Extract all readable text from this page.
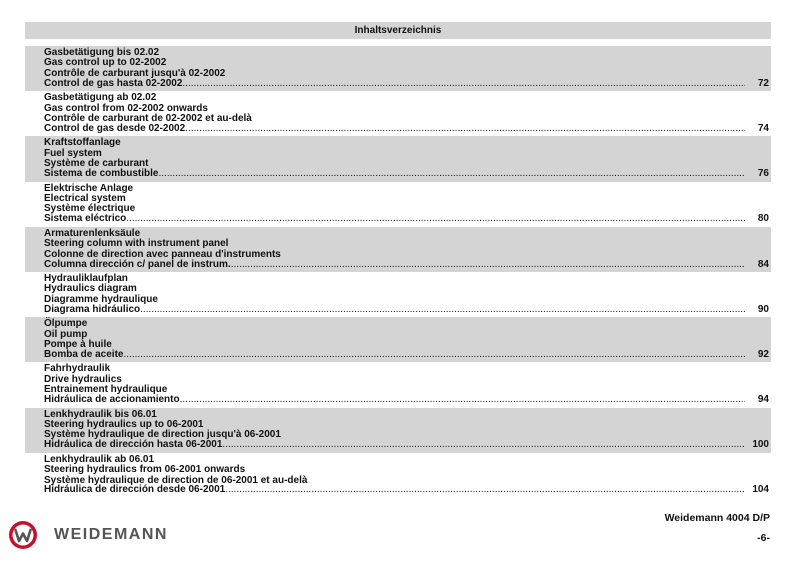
Inhaltsverzeichnis
Gasbetätigung bis 02.02
Gas control up to 02-2002
Contrôle de carburant jusqu'à 02-2002
Control de gas hasta 02-2002 .....	72
Gasbetätigung ab 02.02
Gas control from 02-2002 onwards
Contrôle de carburant de 02-2002 et au-delà
Control de gas desde 02-2002 .....	74
Kraftstoffanlage
Fuel system
Système de carburant
Sistema de combustible .....	76
Elektrische Anlage
Electrical system
Système électrique
Sistema eléctrico .....	80
Armaturenlenksäule
Steering column with instrument panel
Colonne de direction avec panneau d'instruments
Columna dirección c/ panel de instrum. .....	84
Hydrauliklaufplan
Hydraulics diagram
Diagramme hydraulique
Diagrama hidráulico .....	90
Ölpumpe
Oil pump
Pompe à huile
Bomba de aceite .....	92
Fahrhydraulik
Drive hydraulics
Entrainement hydraulique
Hidráulica de accionamiento .....	94
Lenkhydraulik bis 06.01
Steering hydraulics up to 06-2001
Système hydraulique de direction jusqu'à 06-2001
Hidráulica de dirección hasta 06-2001 .....	100
Lenkhydraulik ab 06.01
Steering hydraulics from 06-2001 onwards
Système hydraulique de direction de 06-2001 et au-delà
Hidráulica de dirección desde 06-2001 .....	104
WEIDEMANN
Weidemann 4004 D/P
-6-
